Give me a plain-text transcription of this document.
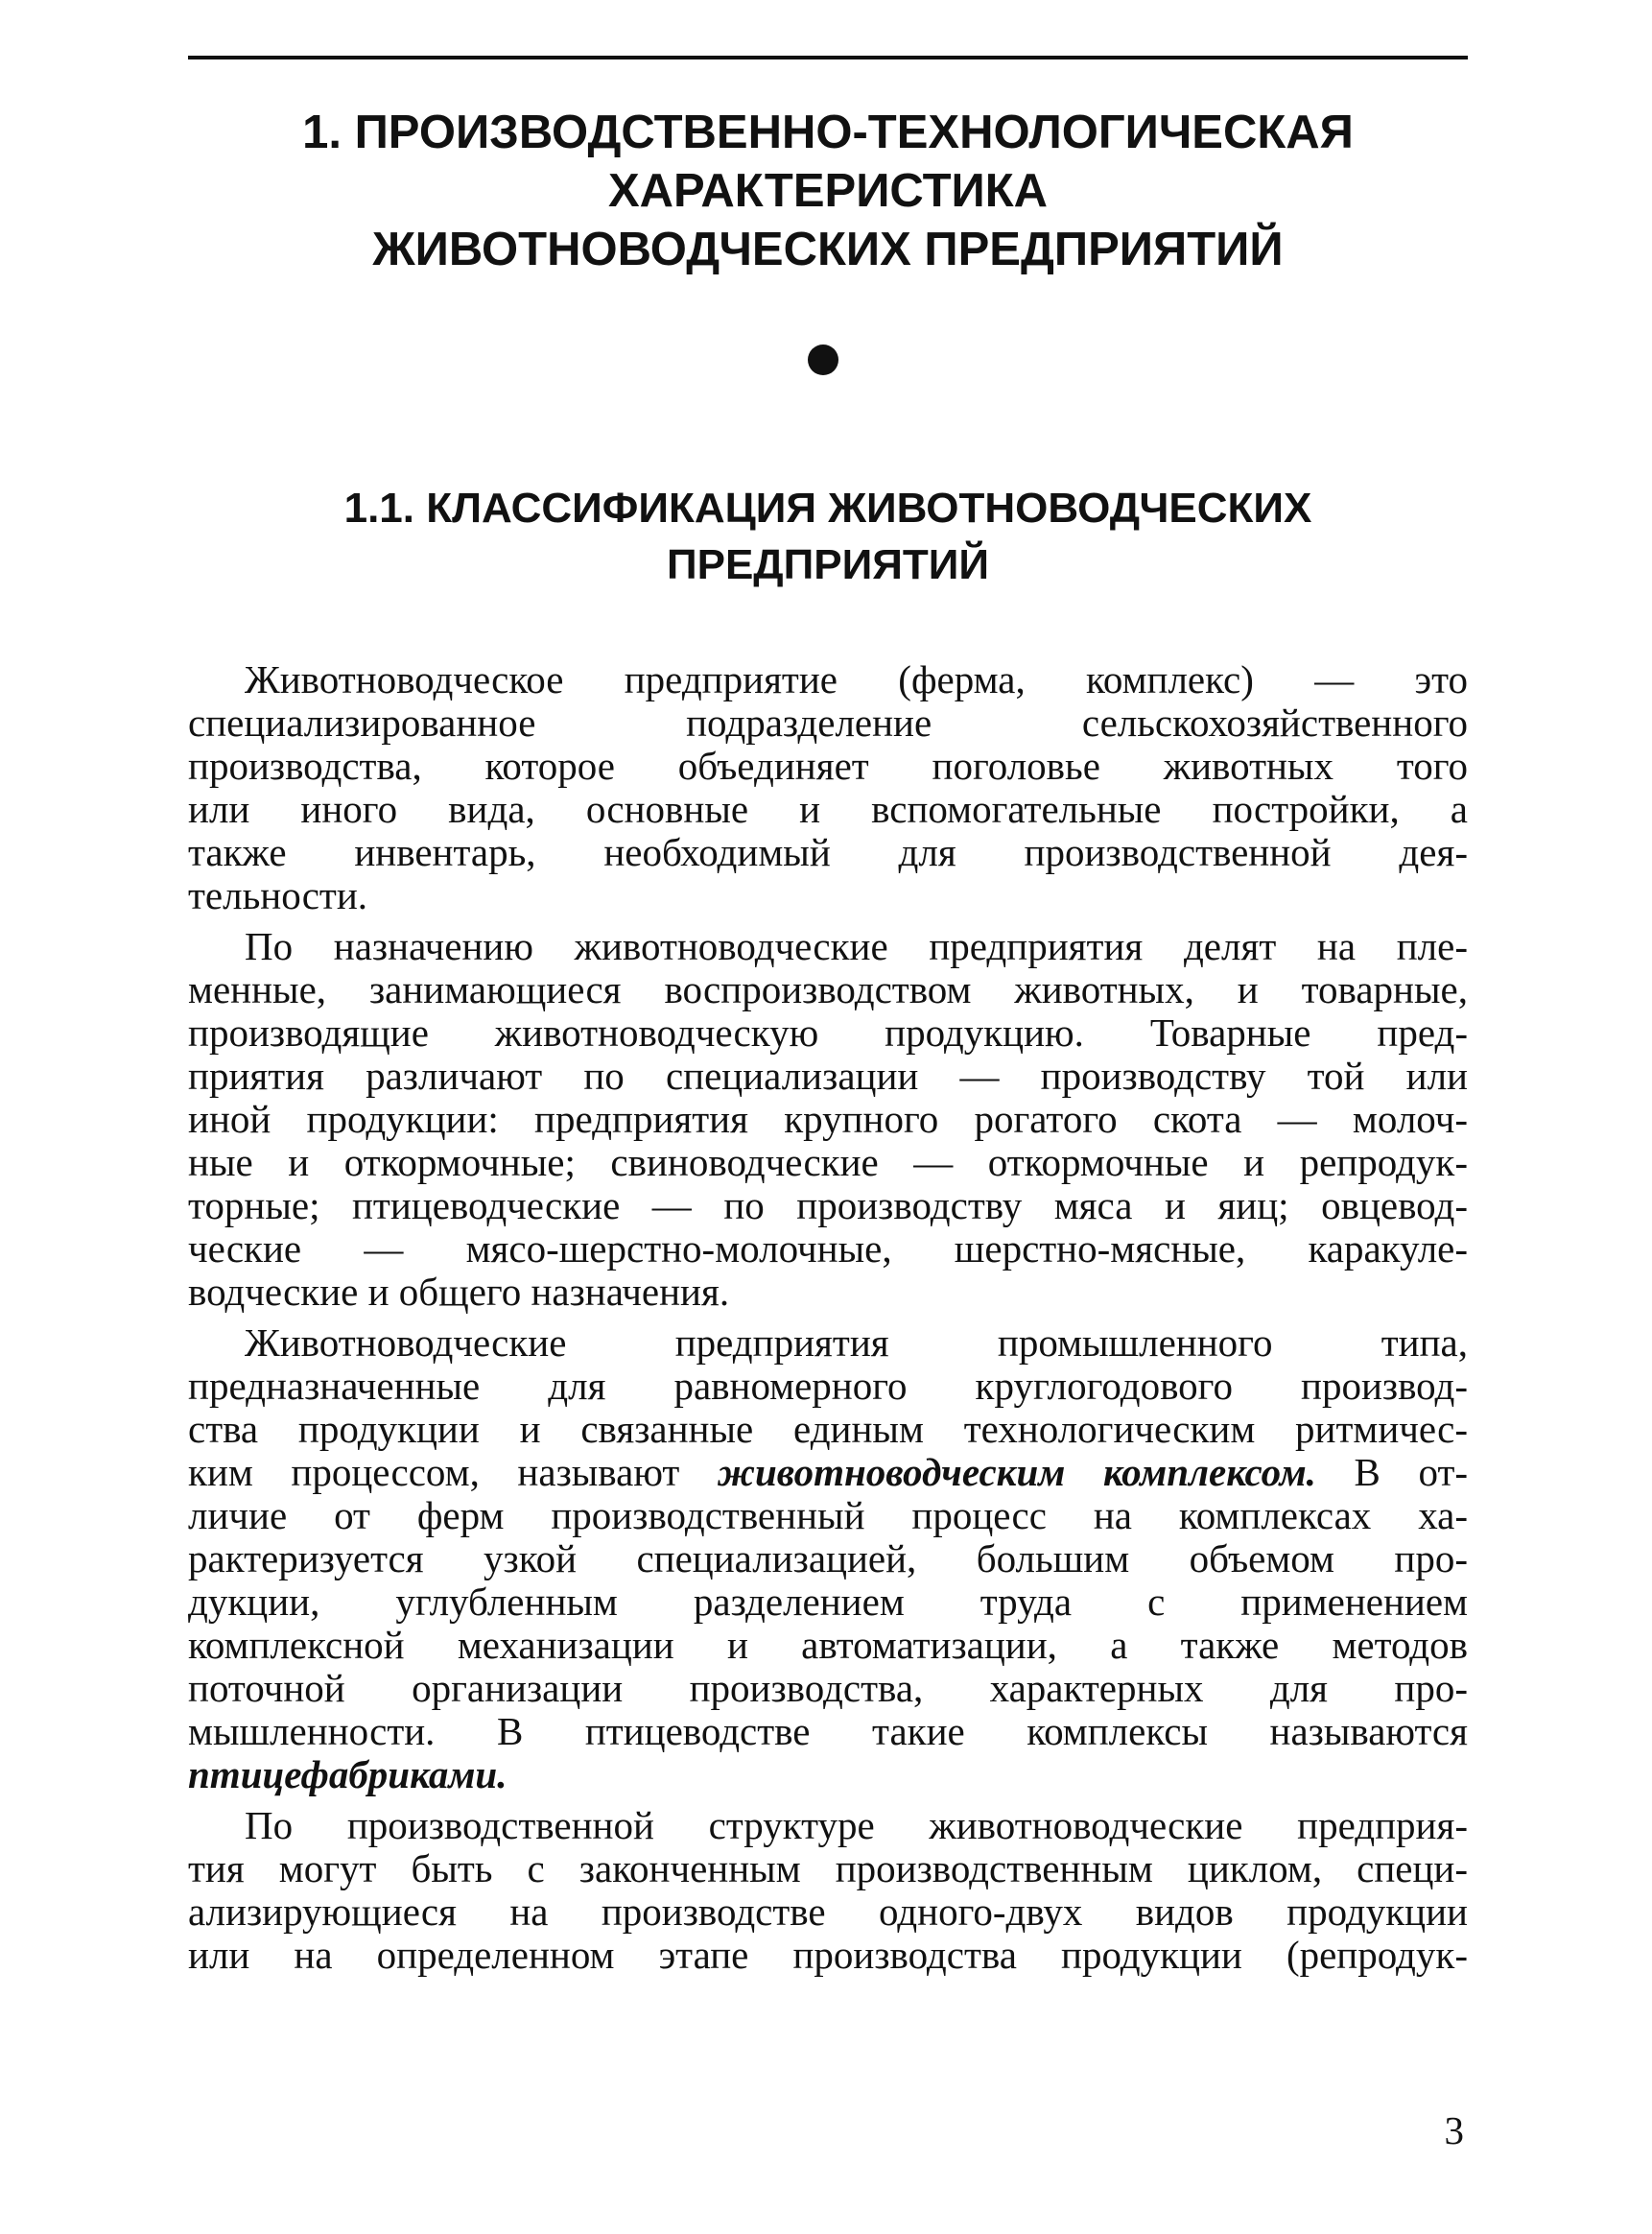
1. ПРОИЗВОДСТВЕННО-ТЕХНОЛОГИЧЕСКАЯ
ХАРАКТЕРИСТИКА
ЖИВОТНОВОДЧЕСКИХ ПРЕДПРИЯТИЙ
1.1. КЛАССИФИКАЦИЯ ЖИВОТНОВОДЧЕСКИХ
ПРЕДПРИЯТИЙ
Животноводческое предприятие (ферма, комплекс) — это
специализированное подразделение сельскохозяйственного
производства, которое объединяет поголовье животных того
или иного вида, основные и вспомогательные постройки, а
также инвентарь, необходимый для производственной дея-
тельности.
По назначению животноводческие предприятия делят на пле-
менные, занимающиеся воспроизводством животных, и товарные,
производящие животноводческую продукцию. Товарные пред-
приятия различают по специализации — производству той или
иной продукции: предприятия крупного рогатого скота — молоч-
ные и откормочные; свиноводческие — откормочные и репродук-
торные; птицеводческие — по производству мяса и яиц; овцевод-
ческие — мясо-шерстно-молочные, шерстно-мясные, каракуле-
водческие и общего назначения.
Животноводческие предприятия промышленного типа,
предназначенные для равномерного круглогодового производ-
ства продукции и связанные единым технологическим ритмичес-
ким процессом, называют животноводческим комплексом. В от-
личие от ферм производственный процесс на комплексах ха-
рактеризуется узкой специализацией, большим объемом про-
дукции, углубленным разделением труда с применением
комплексной механизации и автоматизации, а также методов
поточной организации производства, характерных для про-
мышленности. В птицеводстве такие комплексы называются
птицефабриками.
По производственной структуре животноводческие предприя-
тия могут быть с законченным производственным циклом, специ-
ализирующиеся на производстве одного-двух видов продукции
или на определенном этапе производства продукции (репродук-
3
